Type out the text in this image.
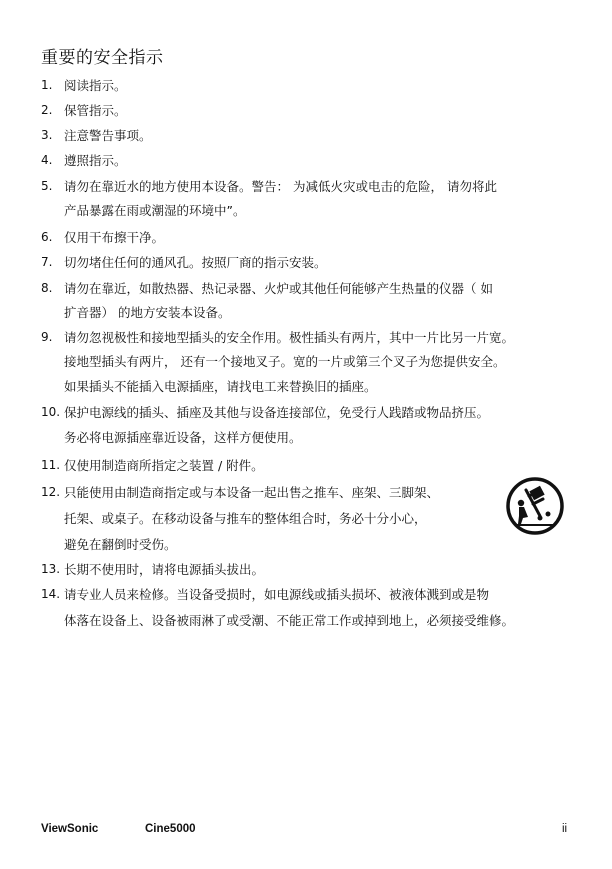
重要的安全指示
1. 阅读指示。
2. 保管指示。
3. 注意警告事项。
4. 遵照指示。
5. 请勿在靠近水的地方使用本设备。警告： 为减低火灾或电击的危险， 请勿将此
产品暴露在雨或潮湿的环境中”。
6. 仅用干布擦干净。
7. 切勿堵住任何的通风孔。按照厂商的指示安装。
8. 请勿在靠近，如散热器、热记录器、火炉或其他任何能够产生热量的仪器（ 如
扩音器） 的地方安装本设备。
9. 请勿忽视极性和接地型插头的安全作用。极性插头有两片，其中一片比另一片宽。
接地型插头有两片， 还有一个接地叉子。宽的一片或第三个叉子为您提供安全。
如果插头不能插入电源插座，请找电工来替换旧的插座。
10. 保护电源线的插头、插座及其他与设备连接部位，免受行人践踏或物品挤压。
务必将电源插座靠近设备，这样方便使用。
11. 仅使用制造商所指定之装置 / 附件。
12. 只能使用由制造商指定或与本设备一起出售之推车、座架、三脚架、
托架、或桌子。在移动设备与推车的整体组合时，务必十分小心，
避免在翻倒时受伤。
13. 长期不使用时，请将电源插头拔出。
14. 请专业人员来检修。当设备受损时，如电源线或插头损坏、被液体溅到或是物
体落在设备上、设备被雨淋了或受潮、不能正常工作或掉到地上，必须接受维修。
ViewSonic	Cine5000	ii
